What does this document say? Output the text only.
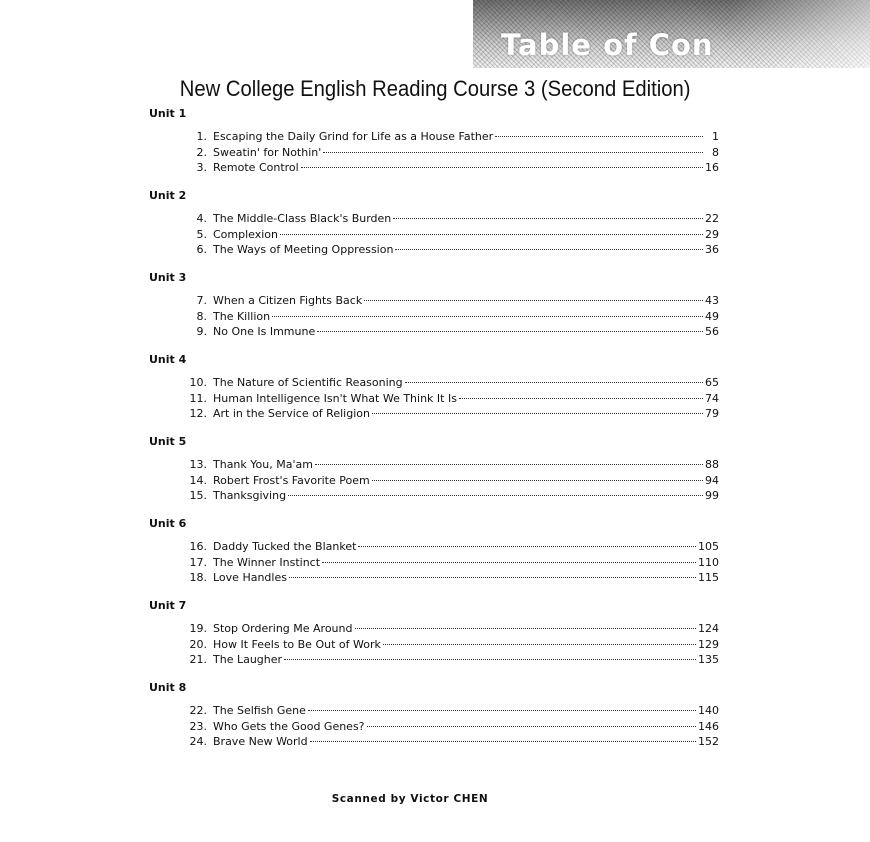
Table of Con
New College English Reading Course 3 (Second Edition)
Unit 1
1. Escaping the Daily Grind for Life as a House Father	1
2. Sweatin' for Nothin'	8
3. Remote Control	16
Unit 2
4. The Middle-Class Black's Burden	22
5. Complexion	29
6. The Ways of Meeting Oppression	36
Unit 3
7. When a Citizen Fights Back	43
8. The Killion	49
9. No One Is Immune	56
Unit 4
10. The Nature of Scientific Reasoning	65
11. Human Intelligence Isn't What We Think It Is	74
12. Art in the Service of Religion	79
Unit 5
13. Thank You, Ma'am	88
14. Robert Frost's Favorite Poem	94
15. Thanksgiving	99
Unit 6
16. Daddy Tucked the Blanket	105
17. The Winner Instinct	110
18. Love Handles	115
Unit 7
19. Stop Ordering Me Around	124
20. How It Feels to Be Out of Work	129
21. The Laugher	135
Unit 8
22. The Selfish Gene	140
23. Who Gets the Good Genes?	146
24. Brave New World	152
Scanned by Victor CHEN
